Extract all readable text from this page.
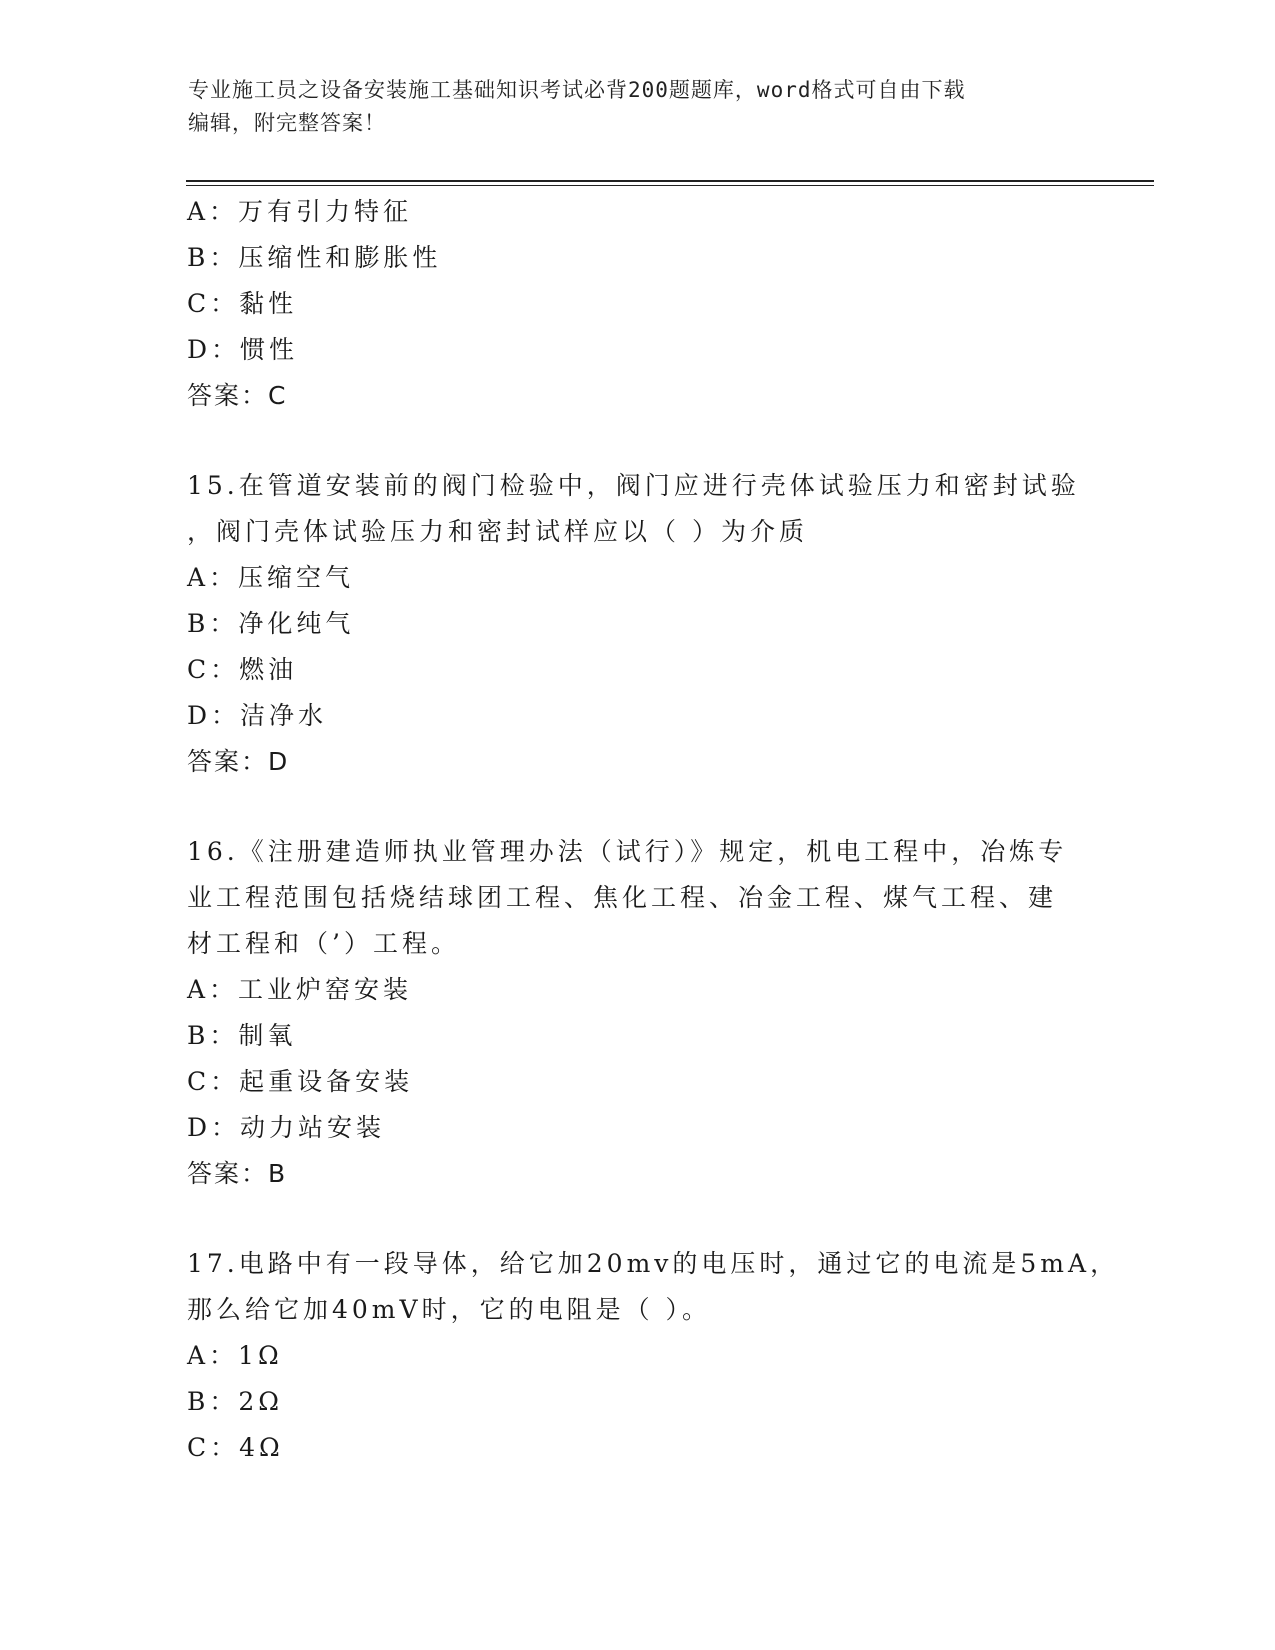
专业施工员之设备安装施工基础知识考试必背200题题库，word格式可自由下载
编辑，附完整答案！
A：万有引力特征
B：压缩性和膨胀性
C：黏性
D：惯性
答案：C
15.在管道安装前的阀门检验中，阀门应进行壳体试验压力和密封试验
，阀门壳体试验压力和密封试样应以（ ）为介质
A：压缩空气
B：净化纯气
C：燃油
D：洁净水
答案：D
16.《注册建造师执业管理办法（试行）》规定，机电工程中，冶炼专
业工程范围包括烧结球团工程、焦化工程、冶金工程、煤气工程、建
材工程和（’）工程。
A：工业炉窑安装
B：制氧
C：起重设备安装
D：动力站安装
答案：B
17.电路中有一段导体，给它加20mv的电压时，通过它的电流是5mA，
那么给它加40mV时，它的电阻是（ ）。
A：1Ω
B：2Ω
C：4Ω
